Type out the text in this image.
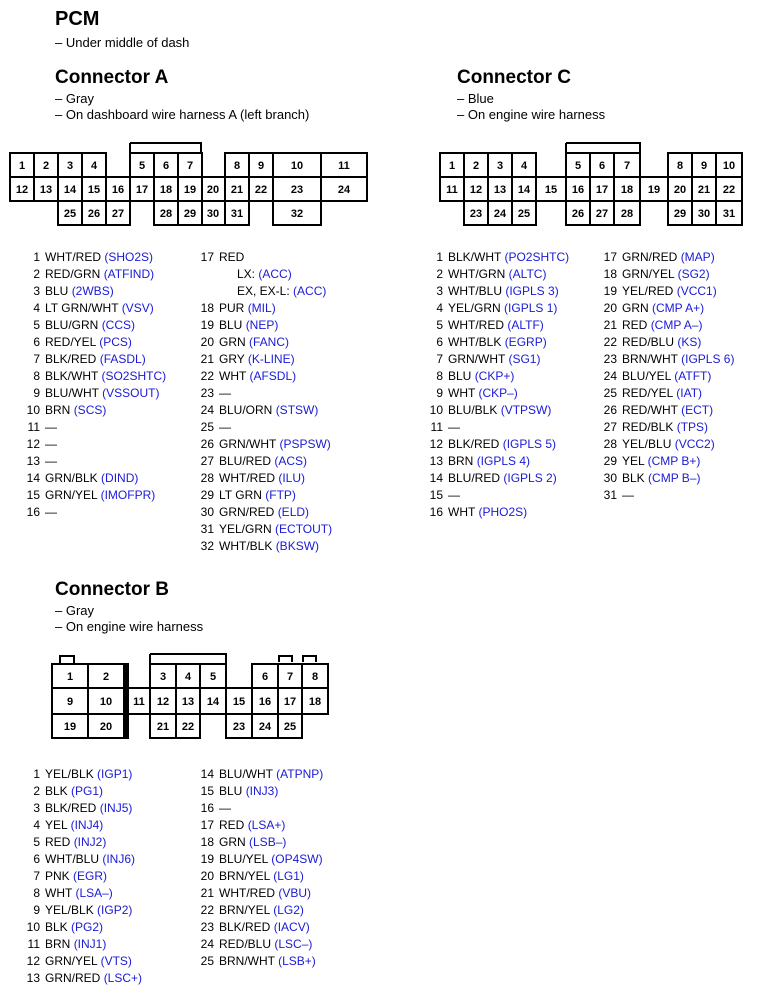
PCM
– Under middle of dash
Connector A
– Gray
– On dashboard wire harness A (left branch)
Connector C
– Blue
– On engine wire harness
1 2 3 4	5 6 7	8 9 10	11
12 13 14 15 16 17 18 19 20 21 22 23	24
25 26 27	28 29 30 31	32
1 2 3 4	5 6 7	8 9 10
11 12 13 14 15 16 17 18 19 20 21 22
23 24 25	26 27 28	29 30 31
1 WHT/RED (SHO2S)
2 RED/GRN (ATFIND)
3 BLU (2WBS)
4 LT GRN/WHT (VSV)
5 BLU/GRN (CCS)
6 RED/YEL (PCS)
7 BLK/RED (FASDL)
8 BLK/WHT (SO2SHTC)
9 BLU/WHT (VSSOUT)
10 BRN (SCS)
11 —
12 —
13 —
14 GRN/BLK (DIND)
15 GRN/YEL (IMOFPR)
16 —
17 RED
LX: (ACC)
EX, EX-L: (ACC)
18 PUR (MIL)
19 BLU (NEP)
20 GRN (FANC)
21 GRY (K-LINE)
22 WHT (AFSDL)
23 —
24 BLU/ORN (STSW)
25 —
26 GRN/WHT (PSPSW)
27 BLU/RED (ACS)
28 WHT/RED (ILU)
29 LT GRN (FTP)
30 GRN/RED (ELD)
31 YEL/GRN (ECTOUT)
32 WHT/BLK (BKSW)
1 BLK/WHT (PO2SHTC)
2 WHT/GRN (ALTC)
3 WHT/BLU (IGPLS 3)
4 YEL/GRN (IGPLS 1)
5 WHT/RED (ALTF)
6 WHT/BLK (EGRP)
7 GRN/WHT (SG1)
8 BLU (CKP+)
9 WHT (CKP–)
10 BLU/BLK (VTPSW)
11 —
12 BLK/RED (IGPLS 5)
13 BRN (IGPLS 4)
14 BLU/RED (IGPLS 2)
15 —
16 WHT (PHO2S)
17 GRN/RED (MAP)
18 GRN/YEL (SG2)
19 YEL/RED (VCC1)
20 GRN (CMP A+)
21 RED (CMP A–)
22 RED/BLU (KS)
23 BRN/WHT (IGPLS 6)
24 BLU/YEL (ATFT)
25 RED/YEL (IAT)
26 RED/WHT (ECT)
27 RED/BLK (TPS)
28 YEL/BLU (VCC2)
29 YEL (CMP B+)
30 BLK (CMP B–)
31 —
Connector B
– Gray
– On engine wire harness
1	2	3 4 5	6 7 8
9 10 11 12 13 14 15 16 17 18
19 20	21 22	23 24 25
1 YEL/BLK (IGP1)
2 BLK (PG1)
3 BLK/RED (INJ5)
4 YEL (INJ4)
5 RED (INJ2)
6 WHT/BLU (INJ6)
7 PNK (EGR)
8 WHT (LSA–)
9 YEL/BLK (IGP2)
10 BLK (PG2)
11 BRN (INJ1)
12 GRN/YEL (VTS)
13 GRN/RED (LSC+)
14 BLU/WHT (ATPNP)
15 BLU (INJ3)
16 —
17 RED (LSA+)
18 GRN (LSB–)
19 BLU/YEL (OP4SW)
20 BRN/YEL (LG1)
21 WHT/RED (VBU)
22 BRN/YEL (LG2)
23 BLK/RED (IACV)
24 RED/BLU (LSC–)
25 BRN/WHT (LSB+)
